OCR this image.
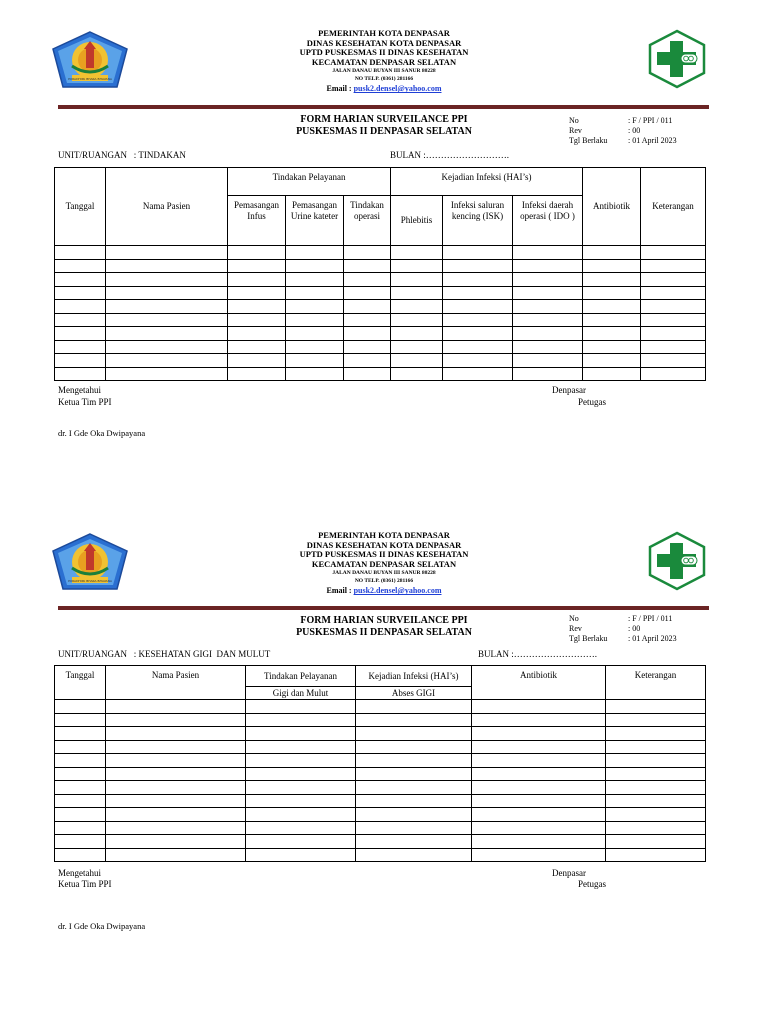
PURADHIPA BHARA BHAVANA
PEMERINTAH KOTA DENPASAR
DINAS KESEHATAN KOTA DENPASAR
UPTD PUSKESMAS II DINAS KESEHATAN
KECAMATAN DENPASAR SELATAN
JALAN DANAU BUYAN III SANUR 80228
NO TELP. (0361) 281166
Email : pusk2.densel@yahoo.com
FORM HARIAN SURVEILANCE PPI
PUSKESMAS II DENPASAR SELATAN
No	: F / PPI / 011
Rev	: 00
Tgl Berlaku	: 01 April 2023
UNIT/RUANGAN   : TINDAKAN	BULAN :……………………….
Tanggal	Nama Pasien	Tindakan Pelayanan			Kejadian Infeksi (HAI’s)			Antibiotik	Keterangan
		Pemasangan Infus	Pemasangan Urine kateter	Tindakan operasi	Phlebitis	Infeksi saluran kencing (ISK)	Infeksi daerah operasi ( IDO )		

Mengetahui
Ketua Tim PPI
Denpasar
Petugas
dr. I Gde Oka Dwipayana
PURADHIPA BHARA BHAVANA
PEMERINTAH KOTA DENPASAR
DINAS KESEHATAN KOTA DENPASAR
UPTD PUSKESMAS II DINAS KESEHATAN
KECAMATAN DENPASAR SELATAN
JALAN DANAU BUYAN III SANUR 80228
NO TELP. (0361) 281166
Email : pusk2.densel@yahoo.com
FORM HARIAN SURVEILANCE PPI
PUSKESMAS II DENPASAR SELATAN
No	: F / PPI / 011
Rev	: 00
Tgl Berlaku	: 01 April 2023
UNIT/RUANGAN   : KESEHATAN GIGI  DAN MULUT	BULAN :……………………….
Tanggal	Nama Pasien	Tindakan Pelayanan	Kejadian Infeksi (HAI’s)	Antibiotik	Keterangan
		Gigi dan Mulut	Abses GIGI		

Mengetahui
Ketua Tim PPI
Denpasar
Petugas
dr. I Gde Oka Dwipayana
